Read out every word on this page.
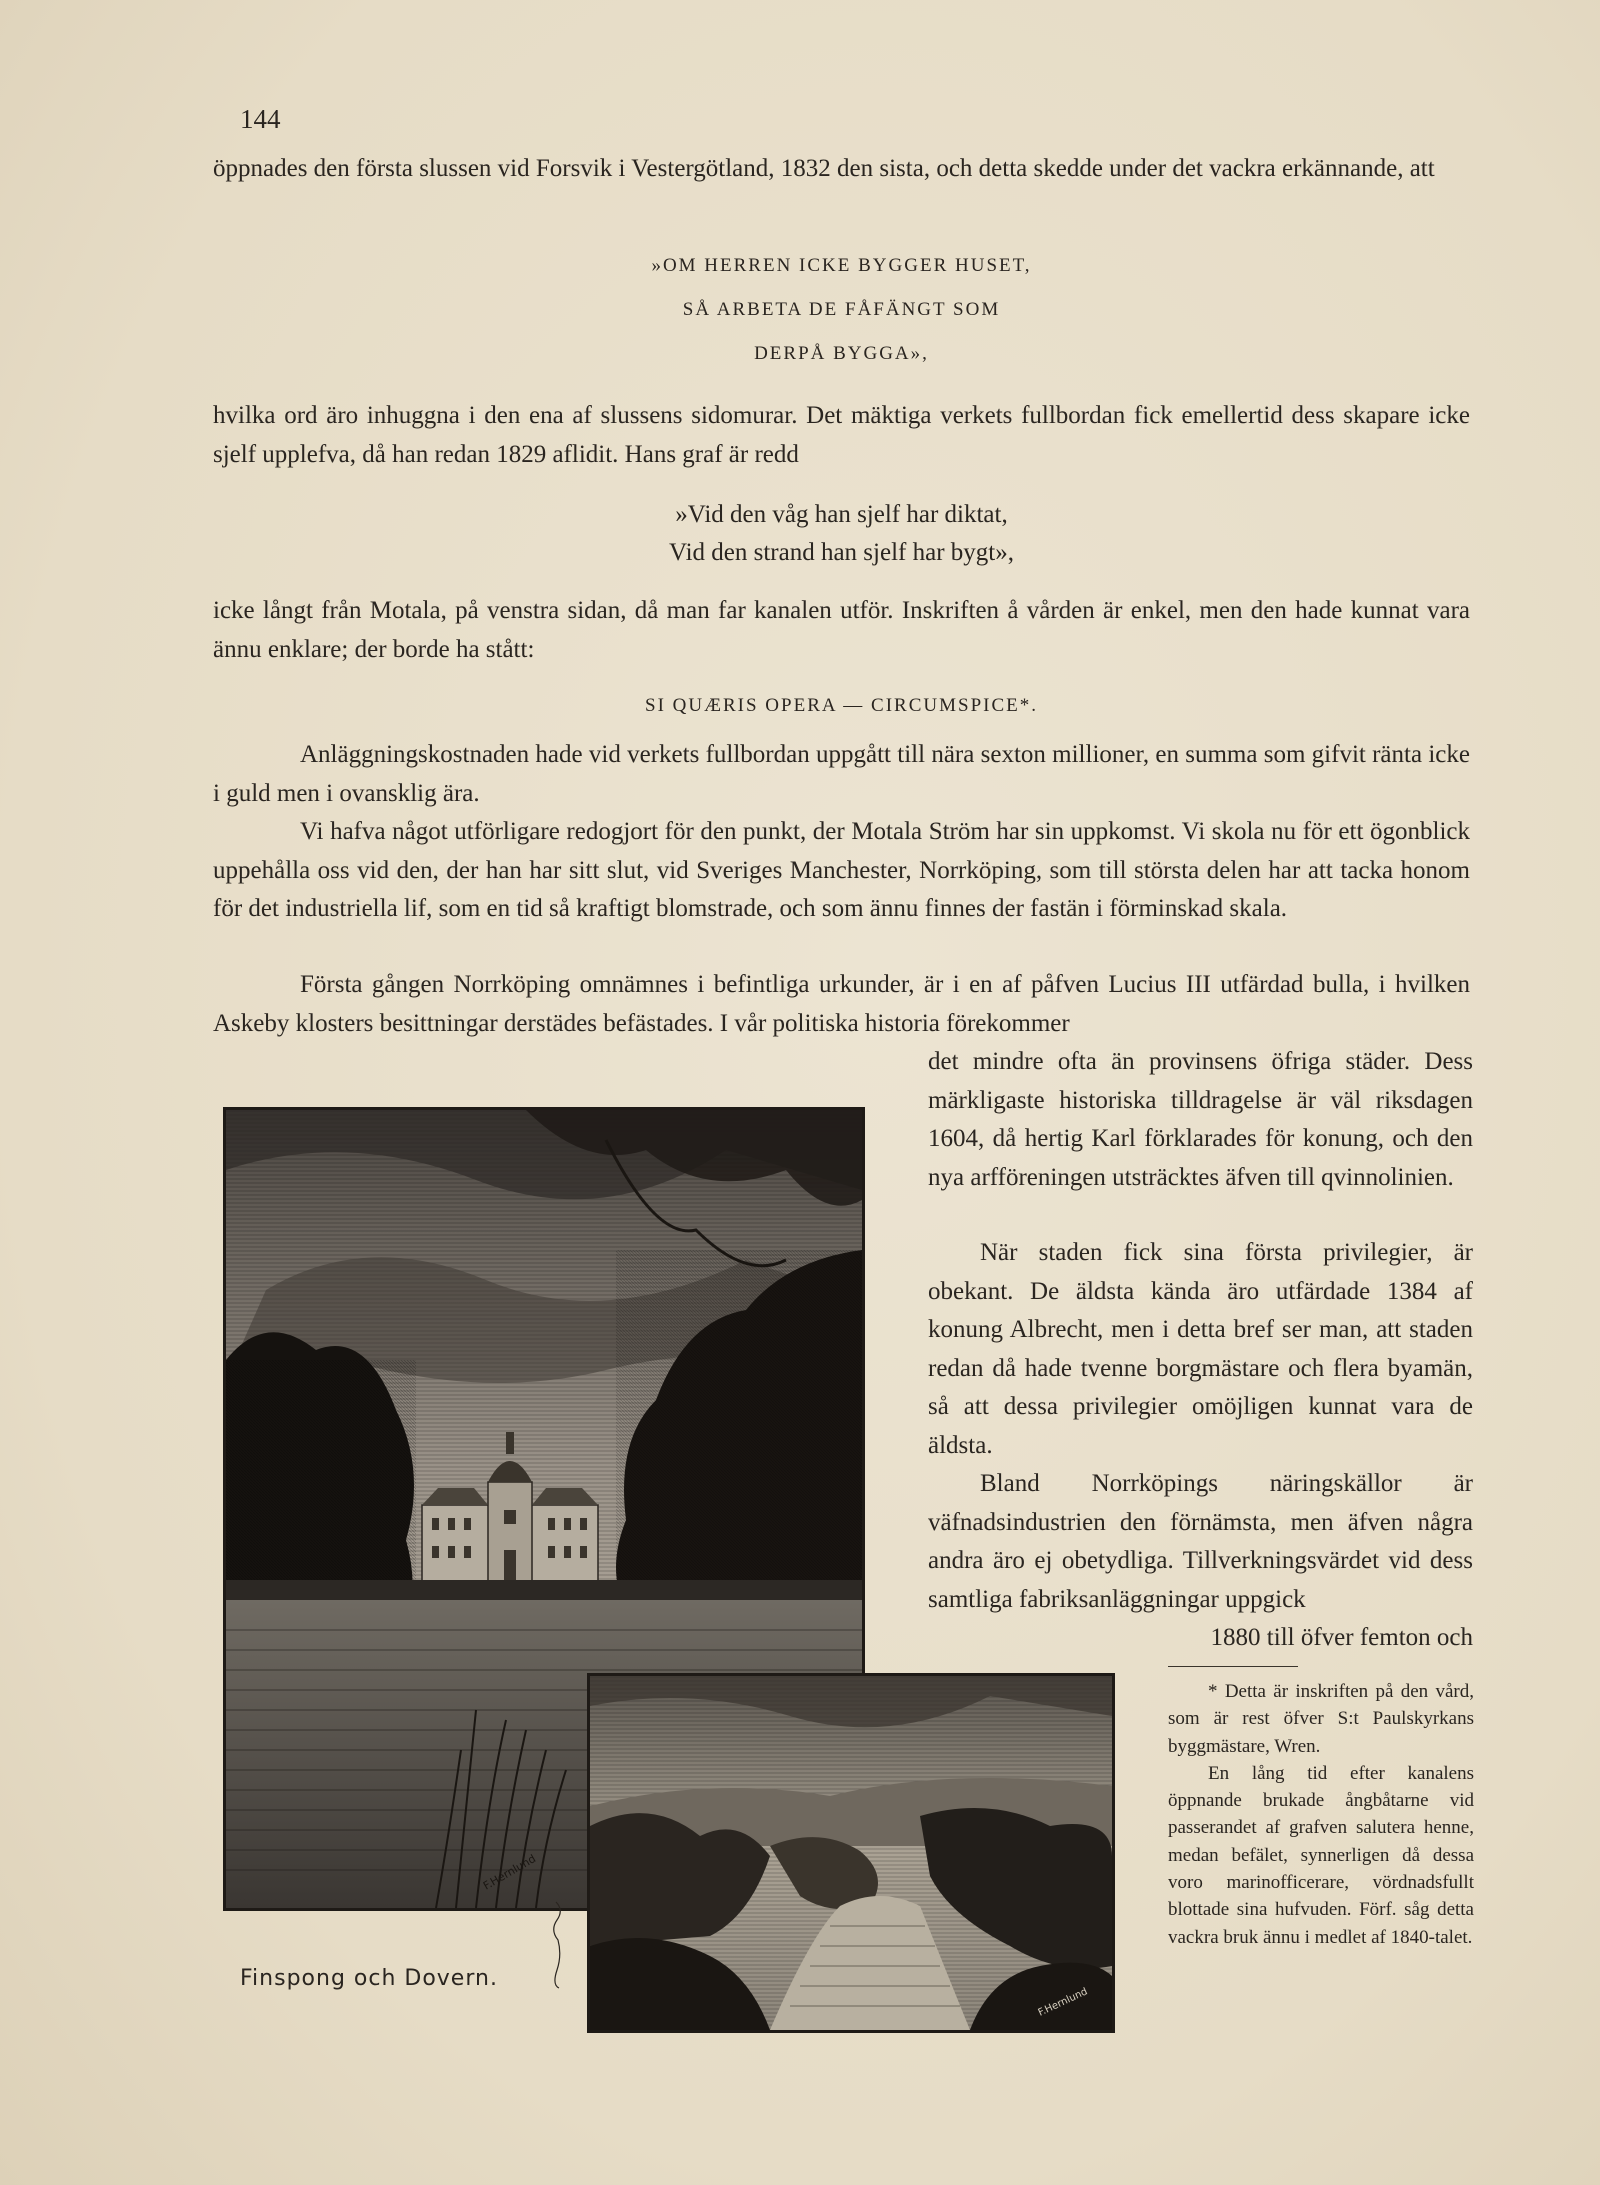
144

öppnades den första slussen vid Forsvik i Vestergötland, 1832 den sista, och detta skedde under det vackra erkännande, att

»OM HERREN ICKE BYGGER HUSET,
SÅ ARBETA DE FÅFÄNGT SOM
DERPÅ BYGGA»,

hvilka ord äro inhuggna i den ena af slussens sidomurar. Det mäktiga verkets fullbordan fick emellertid dess skapare icke sjelf upplefva, då han redan 1829 aflidit. Hans graf är redd

»Vid den våg han sjelf har diktat,
Vid den strand han sjelf har bygt»,

icke långt från Motala, på venstra sidan, då man far kanalen utför. Inskriften å vården är enkel, men den hade kunnat vara ännu enklare; der borde ha stått:

SI QUÆRIS OPERA — CIRCUMSPICE*.

Anläggningskostnaden hade vid verkets fullbordan uppgått till nära sexton millioner, en summa som gifvit ränta icke i guld men i ovansklig ära.

Vi hafva något utförligare redogjort för den punkt, der Motala Ström har sin uppkomst. Vi skola nu för ett ögonblick uppehålla oss vid den, der han har sitt slut, vid Sveriges Manchester, Norrköping, som till största delen har att tacka honom för det industriella lif, som en tid så kraftigt blomstrade, och som ännu finnes der fastän i förminskad skala.

Första gången Norrköping omnämnes i befintliga urkunder, är i en af påfven Lucius III utfärdad bulla, i hvilken Askeby klosters besittningar derstädes befästades. I vår politiska historia förekommer

det mindre ofta än provinsens öfriga städer. Dess märkligaste historiska tilldragelse är väl riksdagen 1604, då hertig Karl förklarades för konung, och den nya arfföreningen utsträcktes äfven till qvinnolinien.

När staden fick sina första privilegier, är obekant. De äldsta kända äro utfärdade 1384 af konung Albrecht, men i detta bref ser man, att staden redan då hade tvenne borgmästare och flera byamän, så att dessa privilegier omöjligen kunnat vara de äldsta.

Bland Norrköpings näringskällor är väfnadsindustrien den förnämsta, men äfven några andra äro ej obetydliga. Tillverkningsvärdet vid dess samtliga fabriksanläggningar uppgick

1880 till öfver femton och

* Detta är inskriften på den vård, som är rest öfver S:t Paulskyrkans byggmästare, Wren.

En lång tid efter kanalens öppnande brukade ångbåtarne vid passerandet af grafven salutera henne, medan befälet, synnerligen då dessa voro marinofficerare, vördnadsfullt blottade sina hufvuden. Förf. såg detta vackra bruk ännu i medlet af 1840-talet.

F.Hernlund
F.Hernlund
Finspong och Dovern.
